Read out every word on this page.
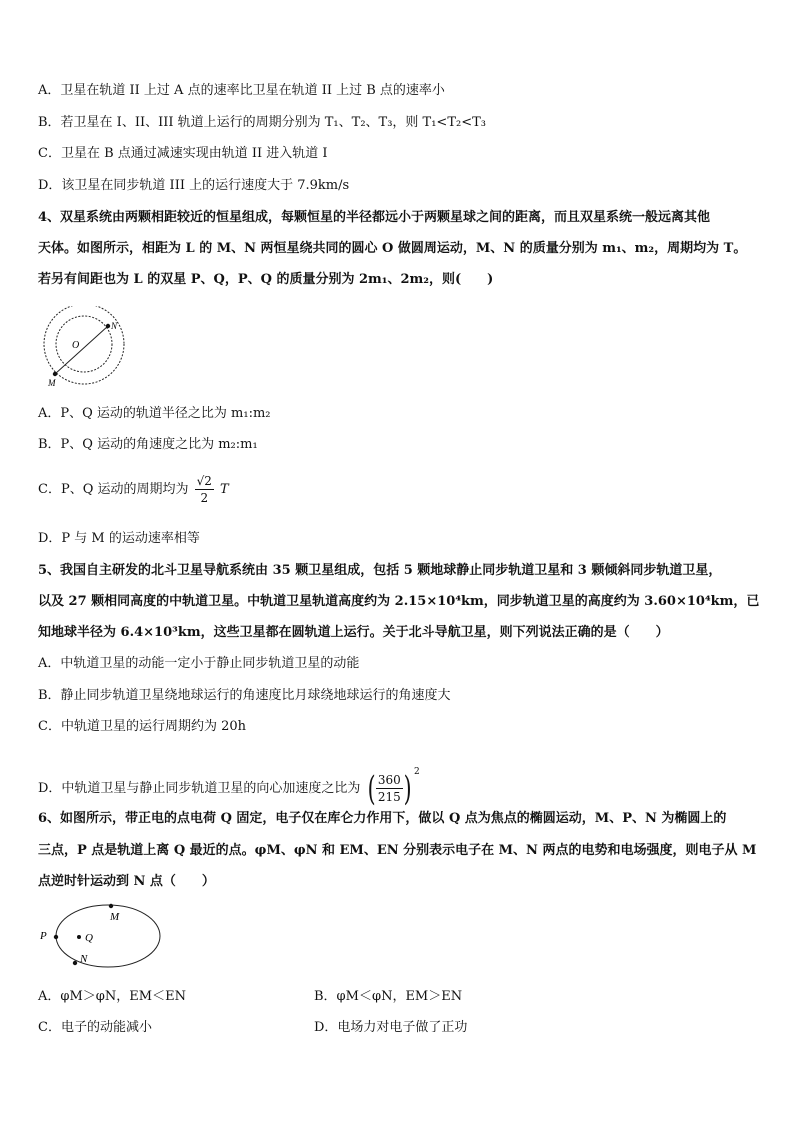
A．卫星在轨道 II 上过 A 点的速率比卫星在轨道 II 上过 B 点的速率小
B．若卫星在 I、II、III 轨道上运行的周期分别为 T₁、T₂、T₃，则 T₁<T₂<T₃
C．卫星在 B 点通过减速实现由轨道 II 进入轨道 I
D．该卫星在同步轨道 III 上的运行速度大于 7.9km/s
4、双星系统由两颗相距较近的恒星组成，每颗恒星的半径都远小于两颗星球之间的距离，而且双星系统一般远离其他
天体。如图所示，相距为 L 的 M、N 两恒星绕共同的圆心 O 做圆周运动，M、N 的质量分别为 m₁、m₂，周期均为 T。
若另有间距也为 L 的双星 P、Q，P、Q 的质量分别为 2m₁、2m₂，则(　　)
O
N
M
A．P、Q 运动的轨道半径之比为 m₁:m₂
B．P、Q 运动的角速度之比为 m₂:m₁
C．P、Q 运动的周期均为 $\frac{√2}{2}$ T
D．P 与 M 的运动速率相等
5、我国自主研发的北斗卫星导航系统由 35 颗卫星组成，包括 5 颗地球静止同步轨道卫星和 3 颗倾斜同步轨道卫星，
以及 27 颗相同高度的中轨道卫星。中轨道卫星轨道高度约为 2.15×10⁴km，同步轨道卫星的高度约为 3.60×10⁴km，已
知地球半径为 6.4×10³km，这些卫星都在圆轨道上运行。关于北斗导航卫星，则下列说法正确的是（　　）
A．中轨道卫星的动能一定小于静止同步轨道卫星的动能
B．静止同步轨道卫星绕地球运行的角速度比月球绕地球运行的角速度大
C．中轨道卫星的运行周期约为 20h
D．中轨道卫星与静止同步轨道卫星的向心加速度之比为 ( $\frac{360}{215}$ ) $^2$
6、如图所示，带正电的点电荷 Q 固定，电子仅在库仑力作用下，做以 Q 点为焦点的椭圆运动，M、P、N 为椭圆上的
三点，P 点是轨道上离 Q 最近的点。φM、φN 和 EM、EN 分别表示电子在 M、N 两点的电势和电场强度，则电子从 M
点逆时针运动到 N 点（　　）
P	Q
M
N
A．φM＞φN，EM＜EN	B．φM＜φN，EM＞EN
C．电子的动能减小	D．电场力对电子做了正功
